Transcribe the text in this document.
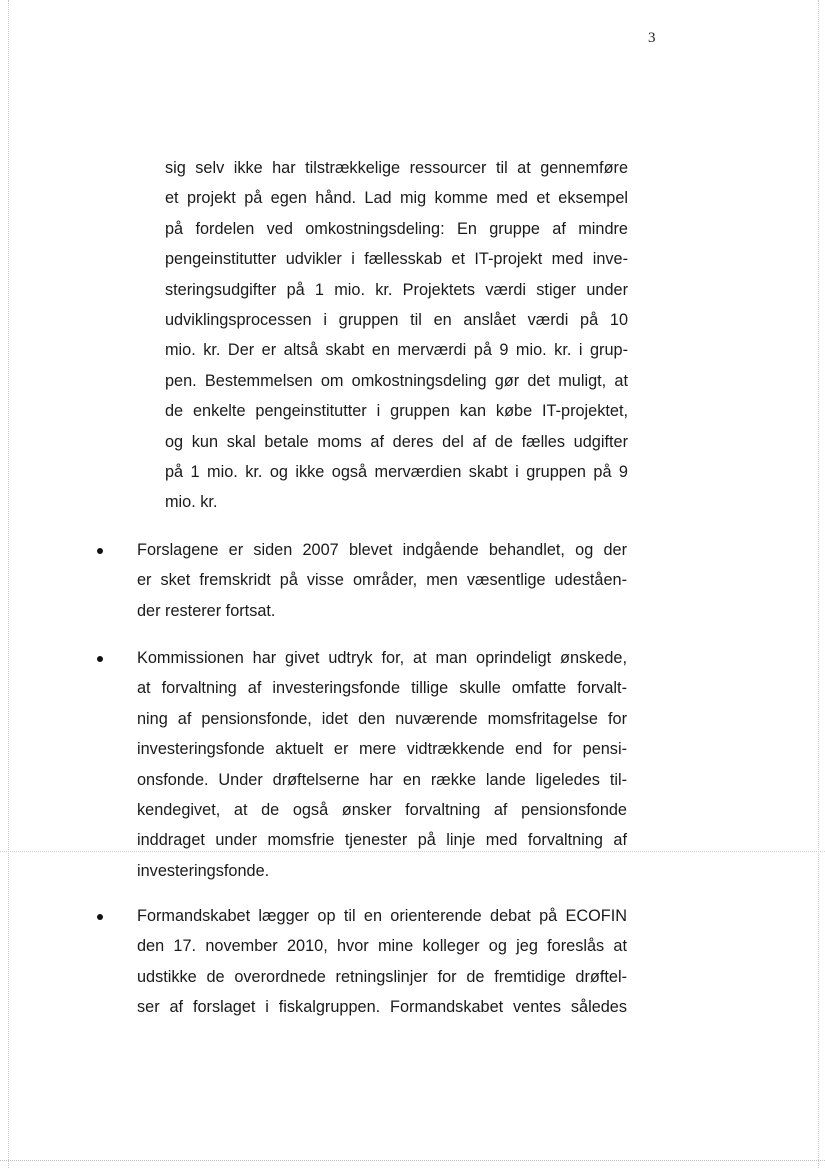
3
sig selv ikke har tilstrækkelige ressourcer til at gennemføre
et projekt på egen hånd. Lad mig komme med et eksempel
på fordelen ved omkostningsdeling: En gruppe af mindre
pengeinstitutter udvikler i fællesskab et IT-projekt med inve-
steringsudgifter på 1 mio. kr. Projektets værdi stiger under
udviklingsprocessen i gruppen til en anslået værdi på 10
mio. kr. Der er altså skabt en merværdi på 9 mio. kr. i grup-
pen. Bestemmelsen om omkostningsdeling gør det muligt, at
de enkelte pengeinstitutter i gruppen kan købe IT-projektet,
og kun skal betale moms af deres del af de fælles udgifter
på 1 mio. kr. og ikke også merværdien skabt i gruppen på 9
mio. kr.
Forslagene er siden 2007 blevet indgående behandlet, og der
er sket fremskridt på visse områder, men væsentlige udeståen-
der resterer fortsat.
Kommissionen har givet udtryk for, at man oprindeligt ønskede,
at forvaltning af investeringsfonde tillige skulle omfatte forvalt-
ning af pensionsfonde, idet den nuværende momsfritagelse for
investeringsfonde aktuelt er mere vidtrækkende end for pensi-
onsfonde. Under drøftelserne har en række lande ligeledes til-
kendegivet, at de også ønsker forvaltning af pensionsfonde
inddraget under momsfrie tjenester på linje med forvaltning af
investeringsfonde.
Formandskabet lægger op til en orienterende debat på ECOFIN
den 17. november 2010, hvor mine kolleger og jeg foreslås at
udstikke de overordnede retningslinjer for de fremtidige drøftel-
ser af forslaget i fiskalgruppen. Formandskabet ventes således
